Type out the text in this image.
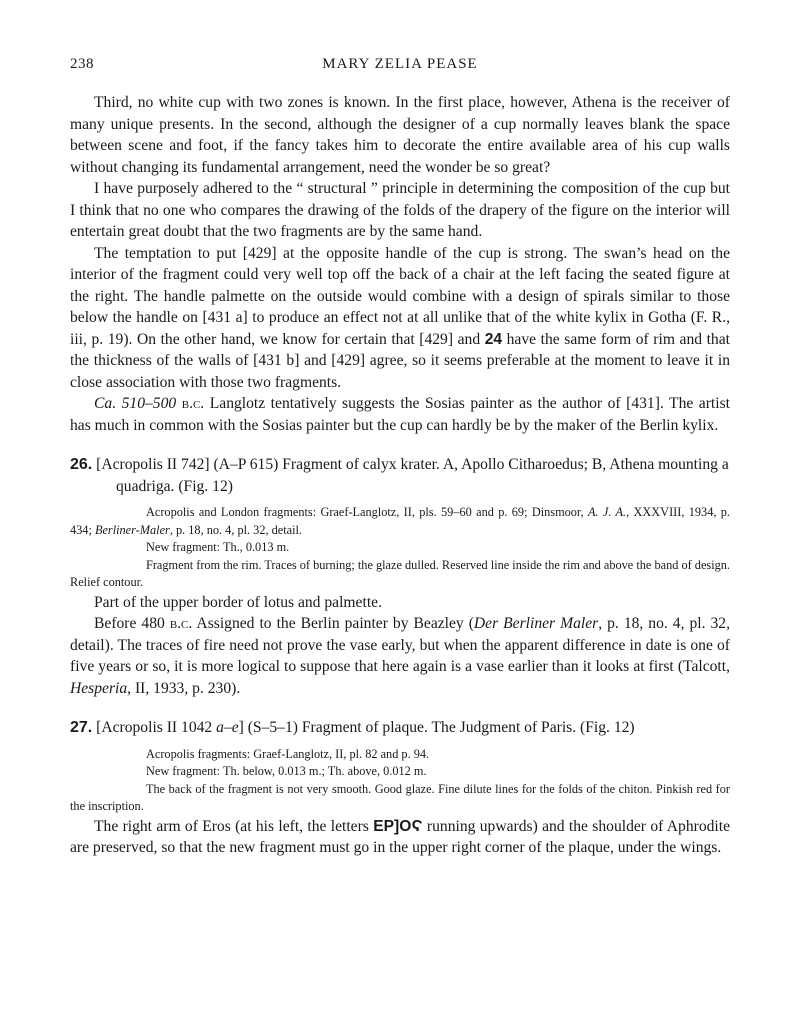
238	MARY ZELIA PEASE

Third, no white cup with two zones is known. In the first place, however, Athena is the receiver of many unique presents. In the second, although the designer of a cup normally leaves blank the space between scene and foot, if the fancy takes him to decorate the entire available area of his cup walls without changing its fundamental arrangement, need the wonder be so great?

I have purposely adhered to the “ structural ” principle in determining the composition of the cup but I think that no one who compares the drawing of the folds of the drapery of the figure on the interior will entertain great doubt that the two fragments are by the same hand.

The temptation to put [429] at the opposite handle of the cup is strong. The swan’s head on the interior of the fragment could very well top off the back of a chair at the left facing the seated figure at the right. The handle palmette on the outside would combine with a design of spirals similar to those below the handle on [431 a] to produce an effect not at all unlike that of the white kylix in Gotha (F. R., iii, p. 19). On the other hand, we know for certain that [429] and 24 have the same form of rim and that the thickness of the walls of [431 b] and [429] agree, so it seems preferable at the moment to leave it in close association with those two fragments.

Ca. 510–500 b.c. Langlotz tentatively suggests the Sosias painter as the author of [431]. The artist has much in common with the Sosias painter but the cup can hardly be by the maker of the Berlin kylix.

26. [Acropolis II 742] (A–P 615) Fragment of calyx krater. A, Apollo Citharoedus; B, Athena mounting a quadriga. (Fig. 12)

Acropolis and London fragments: Graef-Langlotz, II, pls. 59–60 and p. 69; Dinsmoor, A. J. A., XXXVIII, 1934, p. 434; Berliner-Maler, p. 18, no. 4, pl. 32, detail.

New fragment: Th., 0.013 m.

Fragment from the rim. Traces of burning; the glaze dulled. Reserved line inside the rim and above the band of design. Relief contour.

Part of the upper border of lotus and palmette.

Before 480 b.c. Assigned to the Berlin painter by Beazley (Der Berliner Maler, p. 18, no. 4, pl. 32, detail). The traces of fire need not prove the vase early, but when the apparent difference in date is one of five years or so, it is more logical to suppose that here again is a vase earlier than it looks at first (Talcott, Hesperia, II, 1933, p. 230).

27. [Acropolis II 1042 a–e] (S–5–1) Fragment of plaque. The Judgment of Paris. (Fig. 12)

Acropolis fragments: Graef-Langlotz, II, pl. 82 and p. 94.

New fragment: Th. below, 0.013 m.; Th. above, 0.012 m.

The back of the fragment is not very smooth. Good glaze. Fine dilute lines for the folds of the chiton. Pinkish red for the inscription.

The right arm of Eros (at his left, the letters EP]OϚ running upwards) and the shoulder of Aphrodite are preserved, so that the new fragment must go in the upper right corner of the plaque, under the wings.
